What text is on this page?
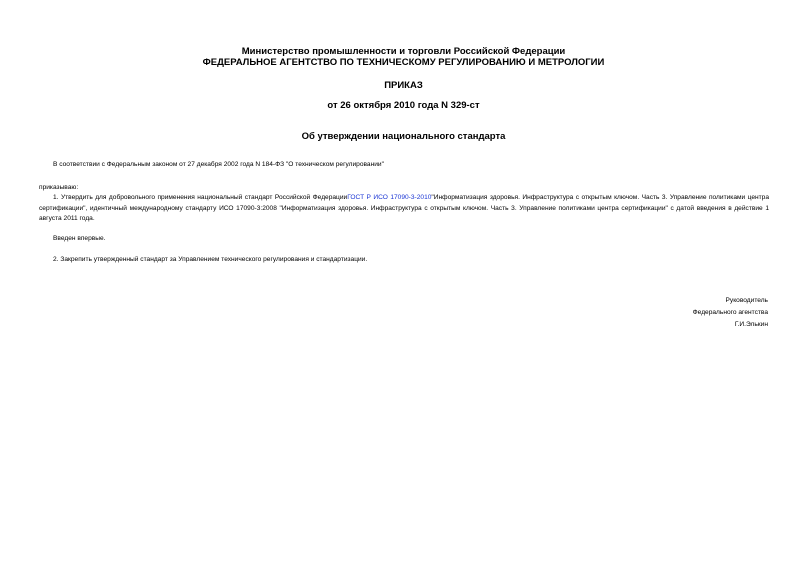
Министерство промышленности и торговли Российской Федерации
ФЕДЕРАЛЬНОЕ АГЕНТСТВО ПО ТЕХНИЧЕСКОМУ РЕГУЛИРОВАНИЮ И МЕТРОЛОГИИ
ПРИКАЗ
от 26 октября 2010 года N 329-ст
Об утверждении национального стандарта
В соответствии с Федеральным законом от 27 декабря 2002 года N 184-ФЗ "О техническом регулировании"
приказываю:
1. Утвердить для добровольного применения национальный стандарт Российской ФедерацииГОСТ Р ИСО 17090-3-2010"Информатизация здоровья. Инфраструктура с открытым ключом. Часть 3. Управление политиками центра сертификации", идентичный международному стандарту ИСО 17090-3:2008 "Информатизация здоровья. Инфраструктура с открытым ключом. Часть 3. Управление политиками центра сертификации" с датой введения в действие 1 августа 2011 года.
Введен впервые.
2. Закрепить утвержденный стандарт за Управлением технического регулирования и стандартизации.
Руководитель
Федерального агентства
Г.И.Элькин
